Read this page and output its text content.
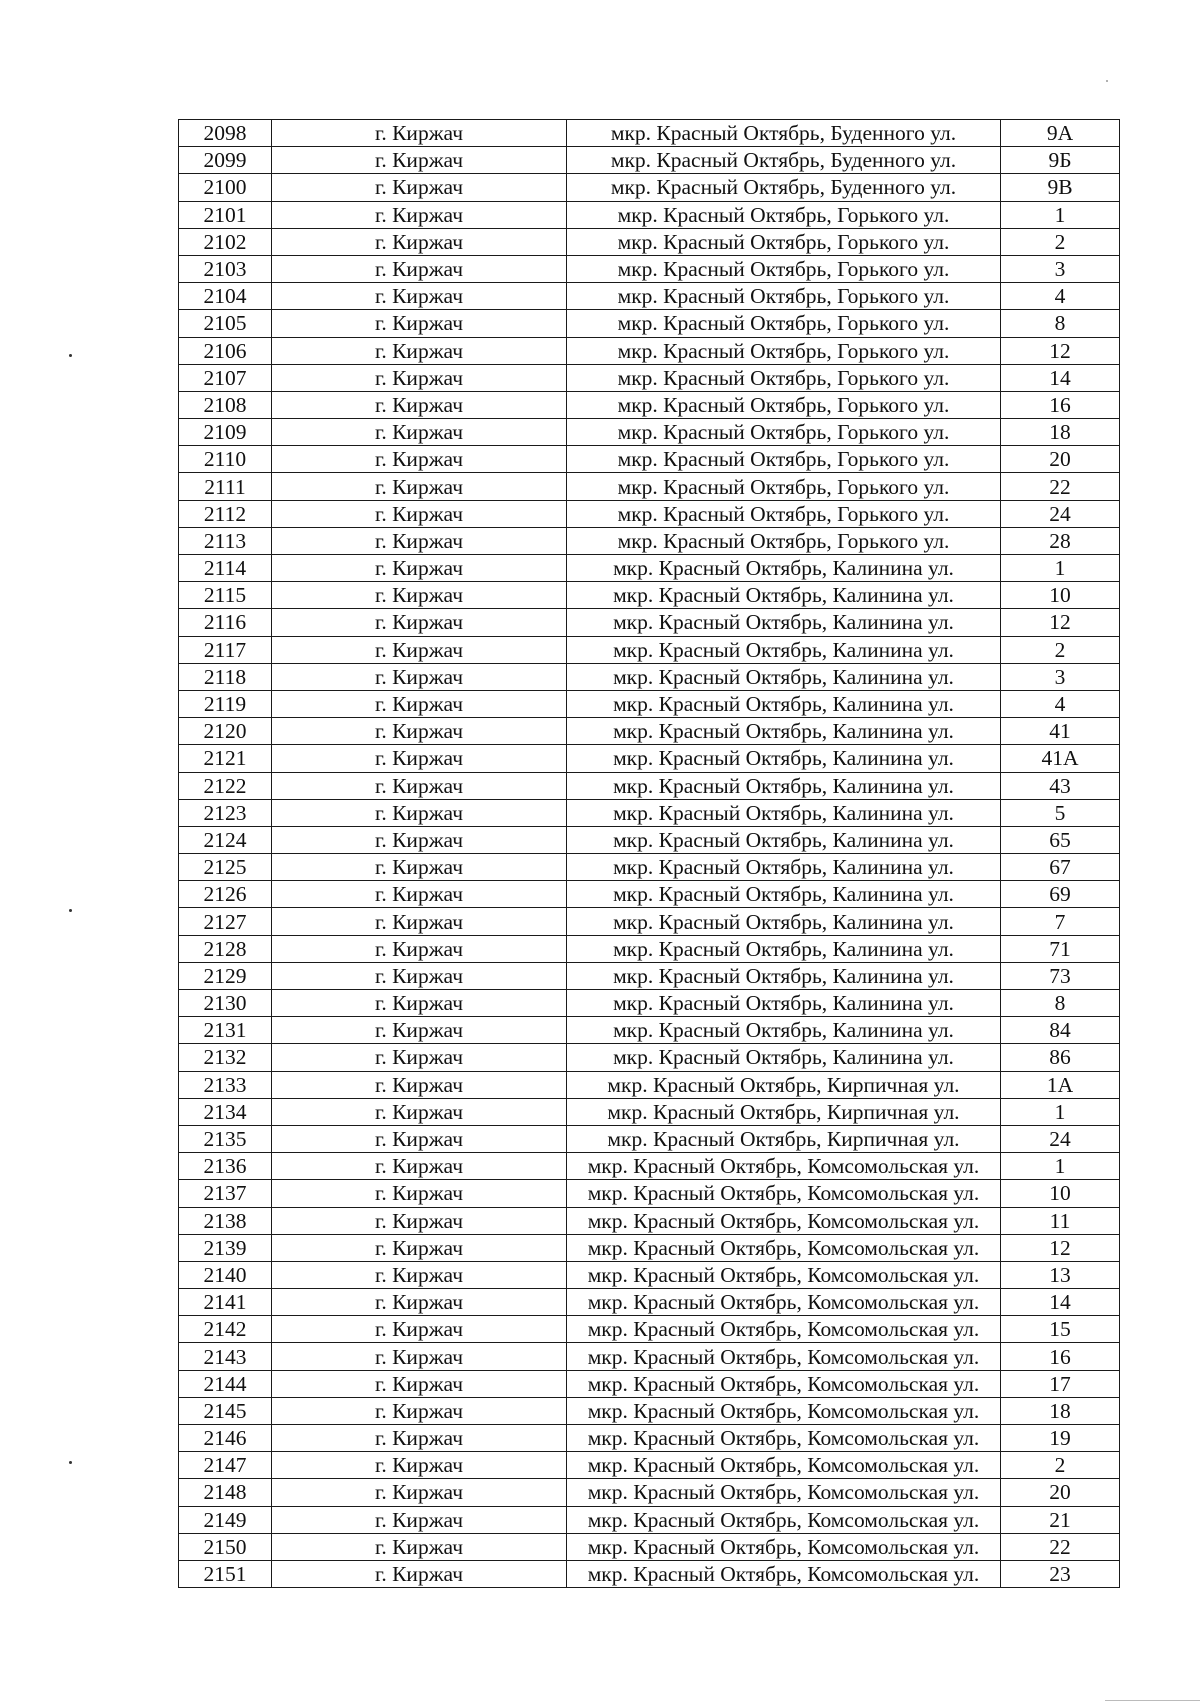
2098	г. Киржач	мкр. Красный Октябрь, Буденного ул.	9А
2099	г. Киржач	мкр. Красный Октябрь, Буденного ул.	9Б
2100	г. Киржач	мкр. Красный Октябрь, Буденного ул.	9В
2101	г. Киржач	мкр. Красный Октябрь, Горького ул.	1
2102	г. Киржач	мкр. Красный Октябрь, Горького ул.	2
2103	г. Киржач	мкр. Красный Октябрь, Горького ул.	3
2104	г. Киржач	мкр. Красный Октябрь, Горького ул.	4
2105	г. Киржач	мкр. Красный Октябрь, Горького ул.	8
2106	г. Киржач	мкр. Красный Октябрь, Горького ул.	12
2107	г. Киржач	мкр. Красный Октябрь, Горького ул.	14
2108	г. Киржач	мкр. Красный Октябрь, Горького ул.	16
2109	г. Киржач	мкр. Красный Октябрь, Горького ул.	18
2110	г. Киржач	мкр. Красный Октябрь, Горького ул.	20
2111	г. Киржач	мкр. Красный Октябрь, Горького ул.	22
2112	г. Киржач	мкр. Красный Октябрь, Горького ул.	24
2113	г. Киржач	мкр. Красный Октябрь, Горького ул.	28
2114	г. Киржач	мкр. Красный Октябрь, Калинина ул.	1
2115	г. Киржач	мкр. Красный Октябрь, Калинина ул.	10
2116	г. Киржач	мкр. Красный Октябрь, Калинина ул.	12
2117	г. Киржач	мкр. Красный Октябрь, Калинина ул.	2
2118	г. Киржач	мкр. Красный Октябрь, Калинина ул.	3
2119	г. Киржач	мкр. Красный Октябрь, Калинина ул.	4
2120	г. Киржач	мкр. Красный Октябрь, Калинина ул.	41
2121	г. Киржач	мкр. Красный Октябрь, Калинина ул.	41А
2122	г. Киржач	мкр. Красный Октябрь, Калинина ул.	43
2123	г. Киржач	мкр. Красный Октябрь, Калинина ул.	5
2124	г. Киржач	мкр. Красный Октябрь, Калинина ул.	65
2125	г. Киржач	мкр. Красный Октябрь, Калинина ул.	67
2126	г. Киржач	мкр. Красный Октябрь, Калинина ул.	69
2127	г. Киржач	мкр. Красный Октябрь, Калинина ул.	7
2128	г. Киржач	мкр. Красный Октябрь, Калинина ул.	71
2129	г. Киржач	мкр. Красный Октябрь, Калинина ул.	73
2130	г. Киржач	мкр. Красный Октябрь, Калинина ул.	8
2131	г. Киржач	мкр. Красный Октябрь, Калинина ул.	84
2132	г. Киржач	мкр. Красный Октябрь, Калинина ул.	86
2133	г. Киржач	мкр. Красный Октябрь, Кирпичная ул.	1А
2134	г. Киржач	мкр. Красный Октябрь, Кирпичная ул.	1
2135	г. Киржач	мкр. Красный Октябрь, Кирпичная ул.	24
2136	г. Киржач	мкр. Красный Октябрь, Комсомольская ул.	1
2137	г. Киржач	мкр. Красный Октябрь, Комсомольская ул.	10
2138	г. Киржач	мкр. Красный Октябрь, Комсомольская ул.	11
2139	г. Киржач	мкр. Красный Октябрь, Комсомольская ул.	12
2140	г. Киржач	мкр. Красный Октябрь, Комсомольская ул.	13
2141	г. Киржач	мкр. Красный Октябрь, Комсомольская ул.	14
2142	г. Киржач	мкр. Красный Октябрь, Комсомольская ул.	15
2143	г. Киржач	мкр. Красный Октябрь, Комсомольская ул.	16
2144	г. Киржач	мкр. Красный Октябрь, Комсомольская ул.	17
2145	г. Киржач	мкр. Красный Октябрь, Комсомольская ул.	18
2146	г. Киржач	мкр. Красный Октябрь, Комсомольская ул.	19
2147	г. Киржач	мкр. Красный Октябрь, Комсомольская ул.	2
2148	г. Киржач	мкр. Красный Октябрь, Комсомольская ул.	20
2149	г. Киржач	мкр. Красный Октябрь, Комсомольская ул.	21
2150	г. Киржач	мкр. Красный Октябрь, Комсомольская ул.	22
2151	г. Киржач	мкр. Красный Октябрь, Комсомольская ул.	23
